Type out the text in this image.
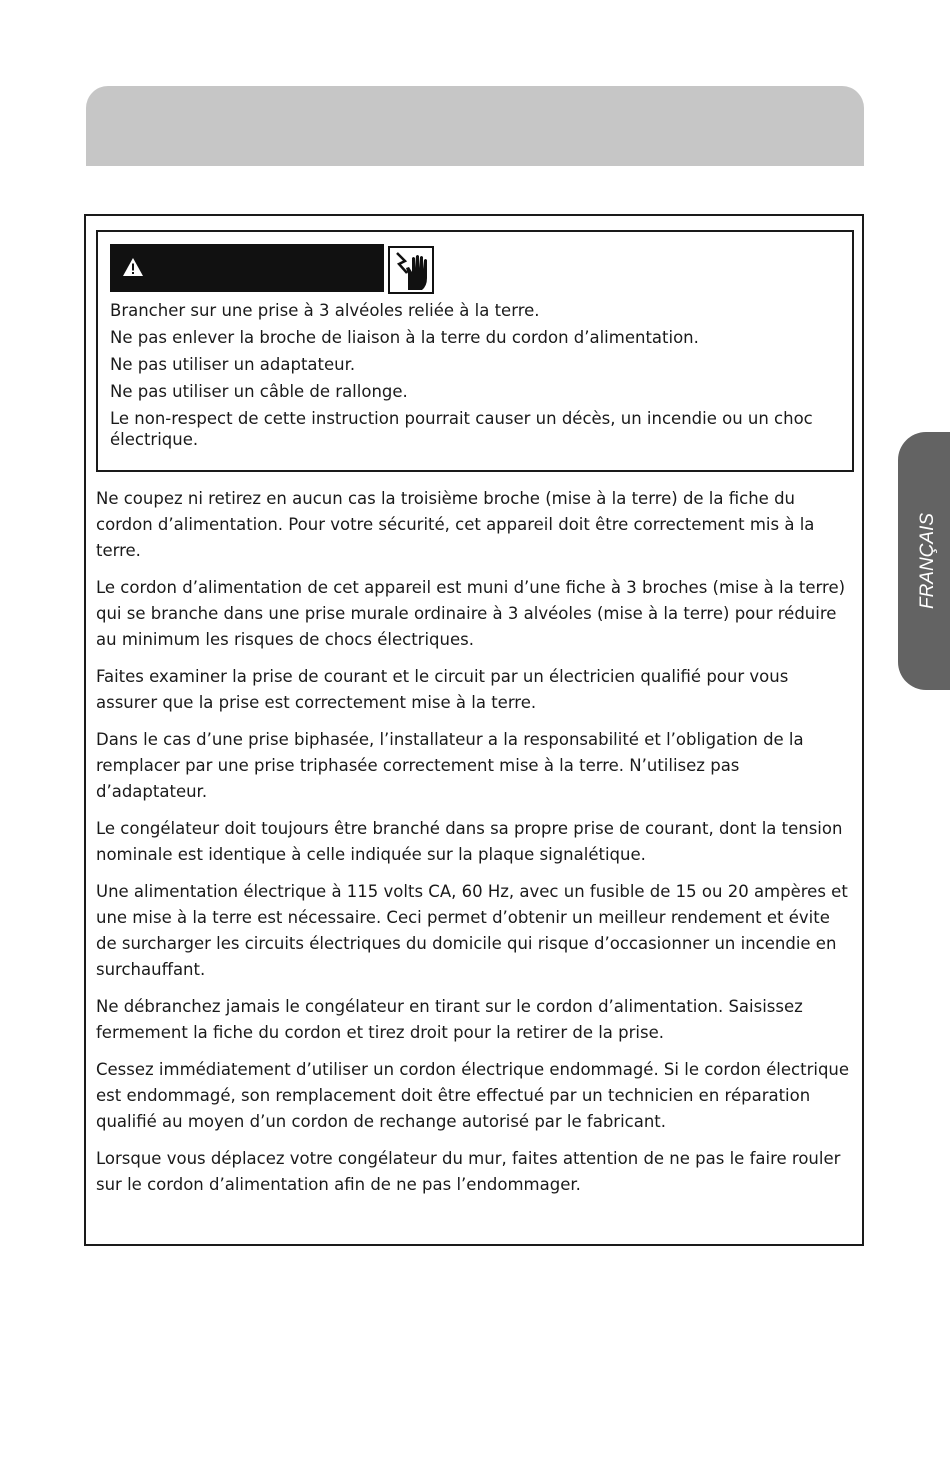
FRANÇAIS

Brancher sur une prise à 3 alvéoles reliée à la terre.

Ne pas enlever la broche de liaison à la terre du cordon d’alimentation.

Ne pas utiliser un adaptateur.

Ne pas utiliser un câble de rallonge.

Le non-respect de cette instruction pourrait causer un décès, un incendie ou un choc électrique.

Ne coupez ni retirez en aucun cas la troisième broche (mise à la terre) de la fiche du cordon d’alimentation. Pour votre sécurité, cet appareil doit être correctement mis à la terre.

Le cordon d’alimentation de cet appareil est muni d’une fiche à 3 broches (mise à la terre) qui se branche dans une prise murale ordinaire à 3 alvéoles (mise à la terre) pour réduire au minimum les risques de chocs électriques.

Faites examiner la prise de courant et le circuit par un électricien qualifié pour vous assurer que la prise est correctement mise à la terre.

Dans le cas d’une prise biphasée, l’installateur a la responsabilité et l’obligation de la remplacer par une prise triphasée correctement mise à la terre. N’utilisez pas d’adaptateur.

Le congélateur doit toujours être branché dans sa propre prise de courant, dont la tension nominale est identique à celle indiquée sur la plaque signalétique.

Une alimentation électrique à 115 volts CA, 60 Hz, avec un fusible de 15 ou 20 ampères et une mise à la terre est nécessaire. Ceci permet d’obtenir un meilleur rendement et évite de surcharger les circuits électriques du domicile qui risque d’occasionner un incendie en surchauffant.

Ne débranchez jamais le congélateur en tirant sur le cordon d’alimentation. Saisissez fermement la fiche du cordon et tirez droit pour la retirer de la prise.

Cessez immédiatement d’utiliser un cordon électrique endommagé. Si le cordon électrique est endommagé, son remplacement doit être effectué par un technicien en réparation qualifié au moyen d’un cordon de rechange autorisé par le fabricant.

Lorsque vous déplacez votre congélateur du mur, faites attention de ne pas le faire rouler sur le cordon d’alimentation afin de ne pas l’endommager.
